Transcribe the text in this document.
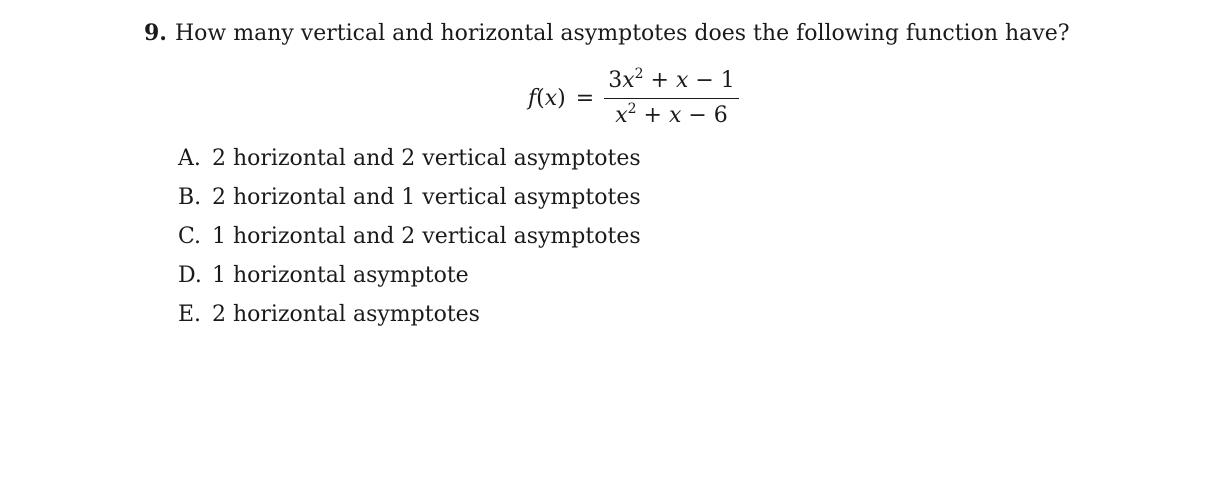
9. How many vertical and horizontal asymptotes does the following function have?
$f(x) = \frac{3x^2 + x - 1}{x^2 + x - 6}$
A. 2 horizontal and 2 vertical asymptotes
B. 2 horizontal and 1 vertical asymptotes
C. 1 horizontal and 2 vertical asymptotes
D. 1 horizontal asymptote
E. 2 horizontal asymptotes
